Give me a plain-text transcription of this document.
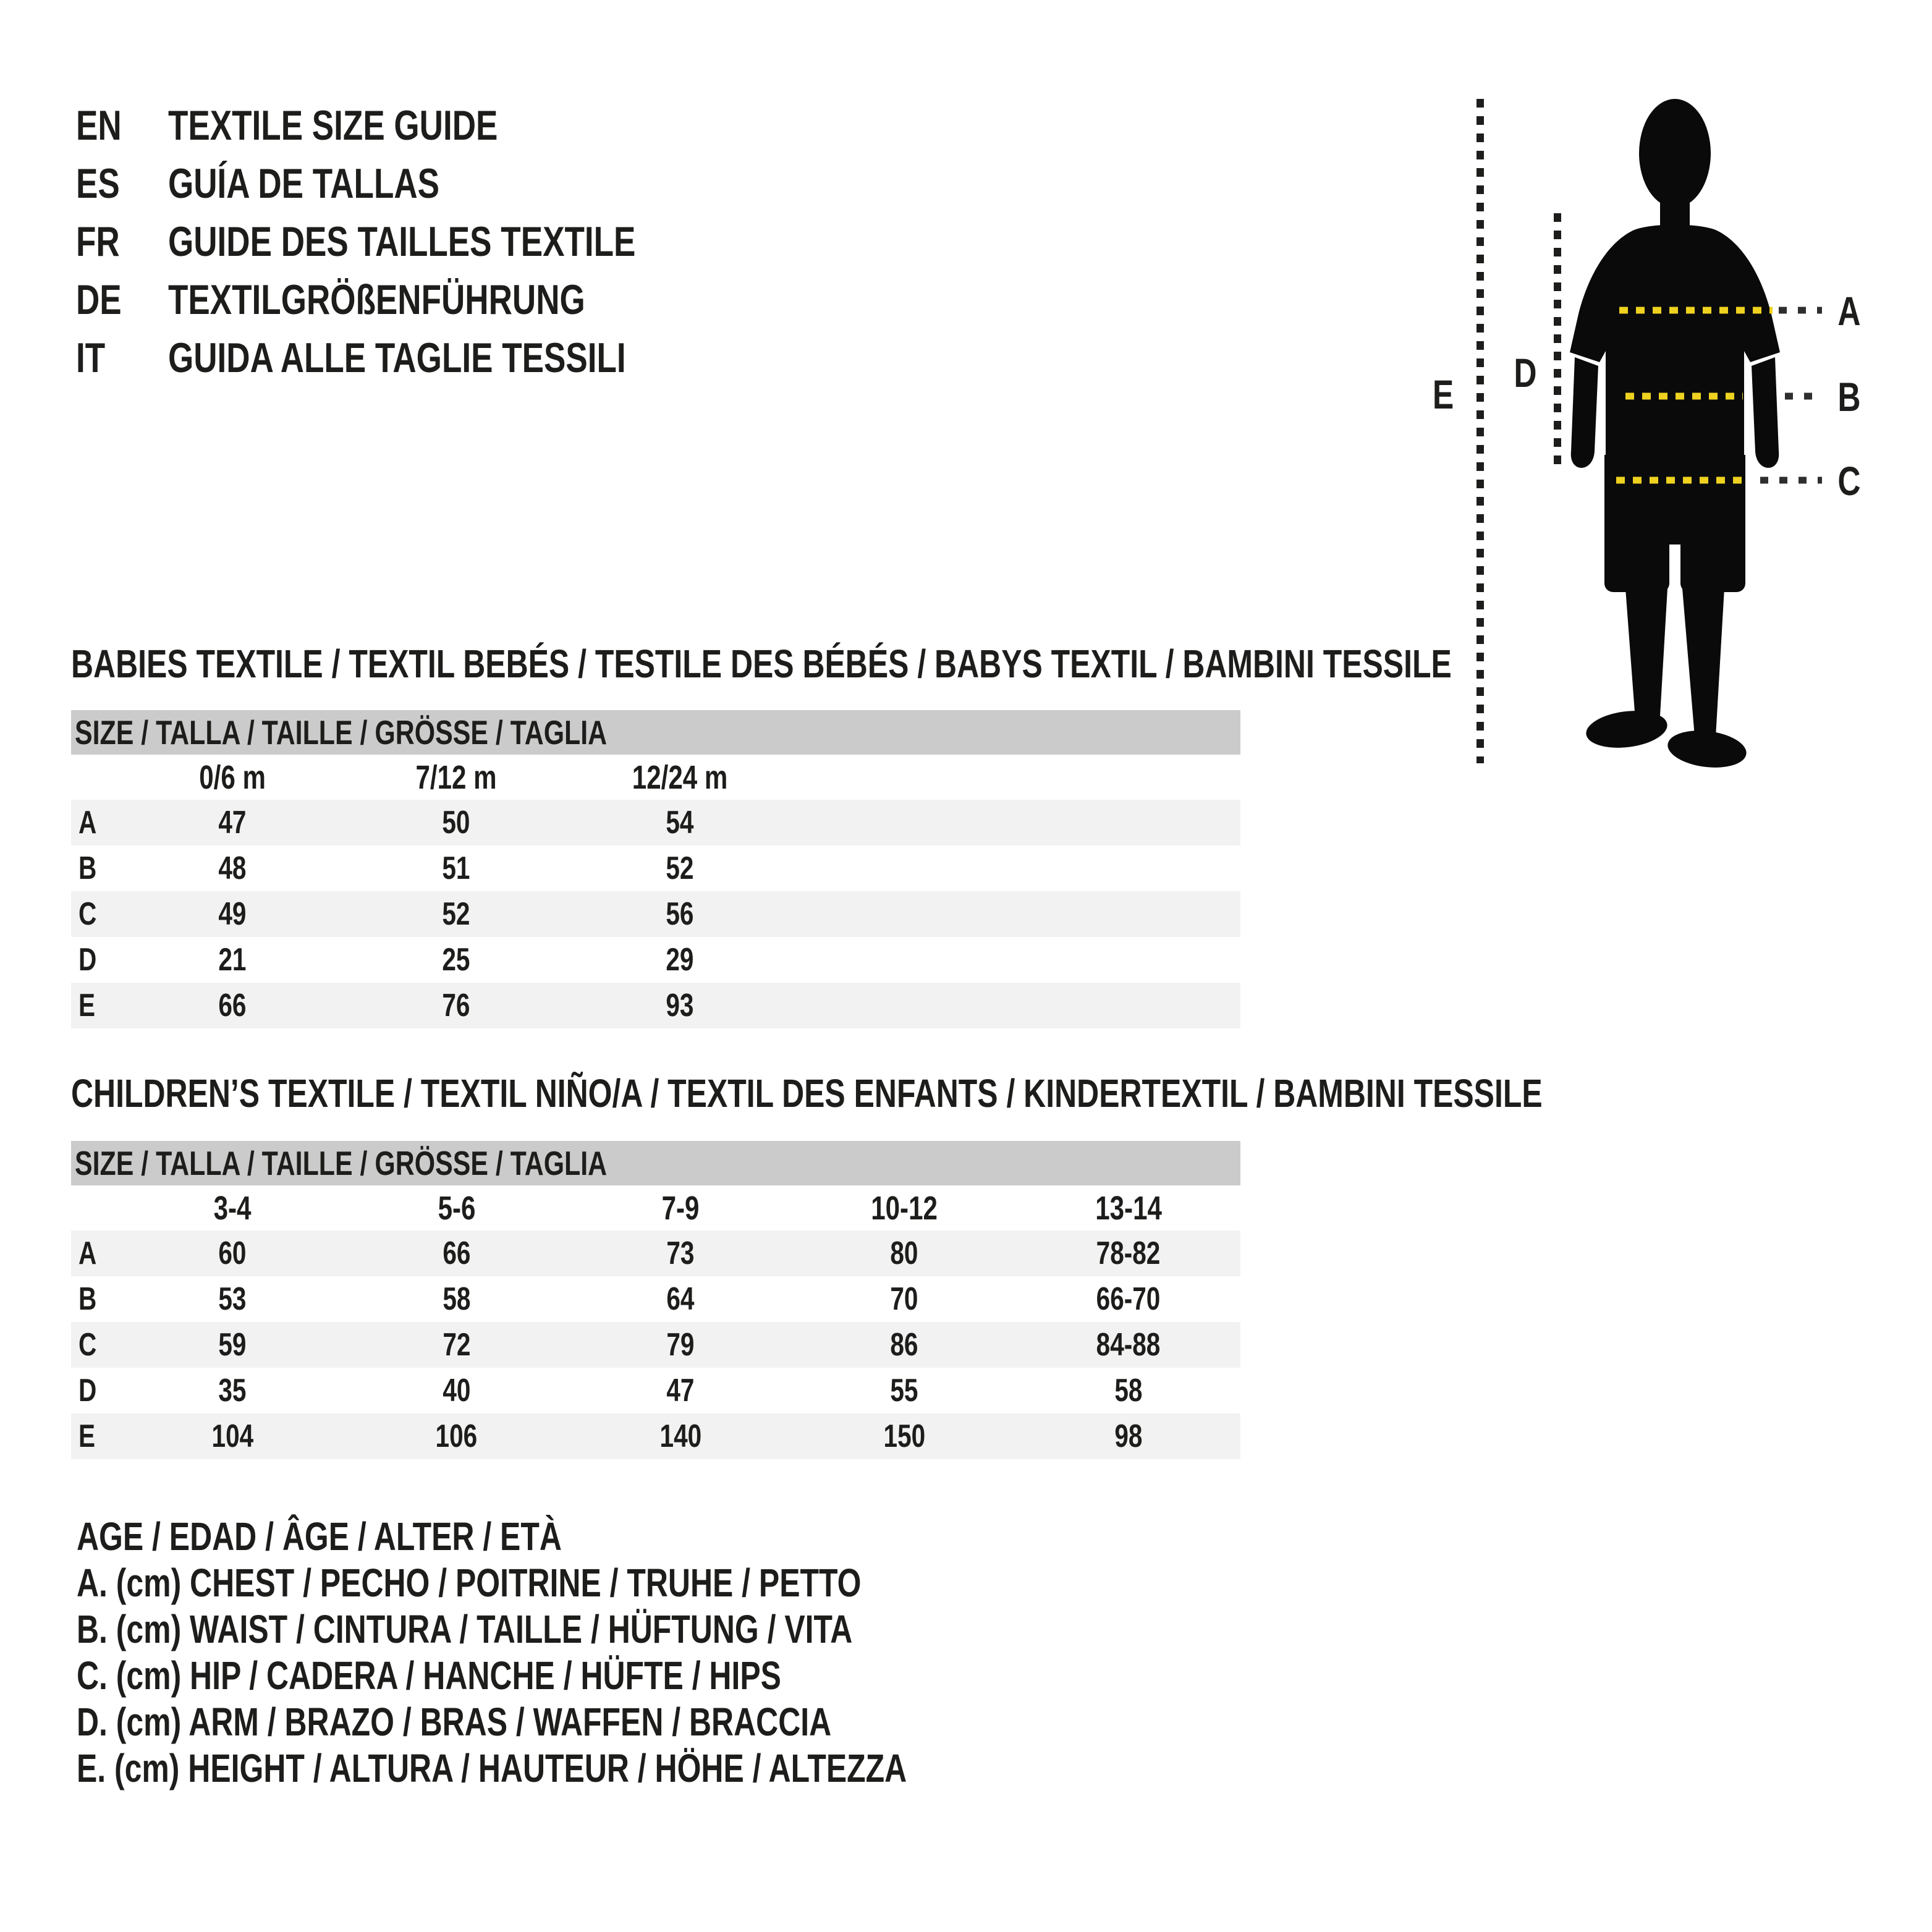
EN	TEXTILE SIZE GUIDE
ES	GUÍA DE TALLAS
FR	GUIDE DES TAILLES TEXTILE
DE	TEXTILGRÖßENFÜHRUNG
IT	GUIDA ALLE TAGLIE TESSILI
A
B
C
D
E
BABIES TEXTILE / TEXTIL BEBÉS / TESTILE DES BÉBÉS / BABYS TEXTIL / BAMBINI TESSILE
SIZE / TALLA / TAILLE / GRÖSSE / TAGLIA				
	0/6 m	7/12 m	12/24 m	
A	47	50	54	
B	48	51	52	
C	49	52	56	
D	21	25	29	
E	66	76	93	
CHILDREN’S TEXTILE / TEXTIL NIÑO/A / TEXTIL DES ENFANTS / KINDERTEXTIL / BAMBINI TESSILE
SIZE / TALLA / TAILLE / GRÖSSE / TAGLIA					
	3-4	5-6	7-9	10-12	13-14
A	60	66	73	80	78-82
B	53	58	64	70	66-70
C	59	72	79	86	84-88
D	35	40	47	55	58
E	104	106	140	150	98
AGE / EDAD / ÂGE / ALTER / ETÀ
A. (cm) CHEST / PECHO / POITRINE / TRUHE / PETTO
B. (cm) WAIST / CINTURA / TAILLE / HÜFTUNG / VITA
C. (cm) HIP / CADERA / HANCHE / HÜFTE / HIPS
D. (cm) ARM / BRAZO / BRAS / WAFFEN / BRACCIA
E. (cm) HEIGHT / ALTURA / HAUTEUR / HÖHE / ALTEZZA
